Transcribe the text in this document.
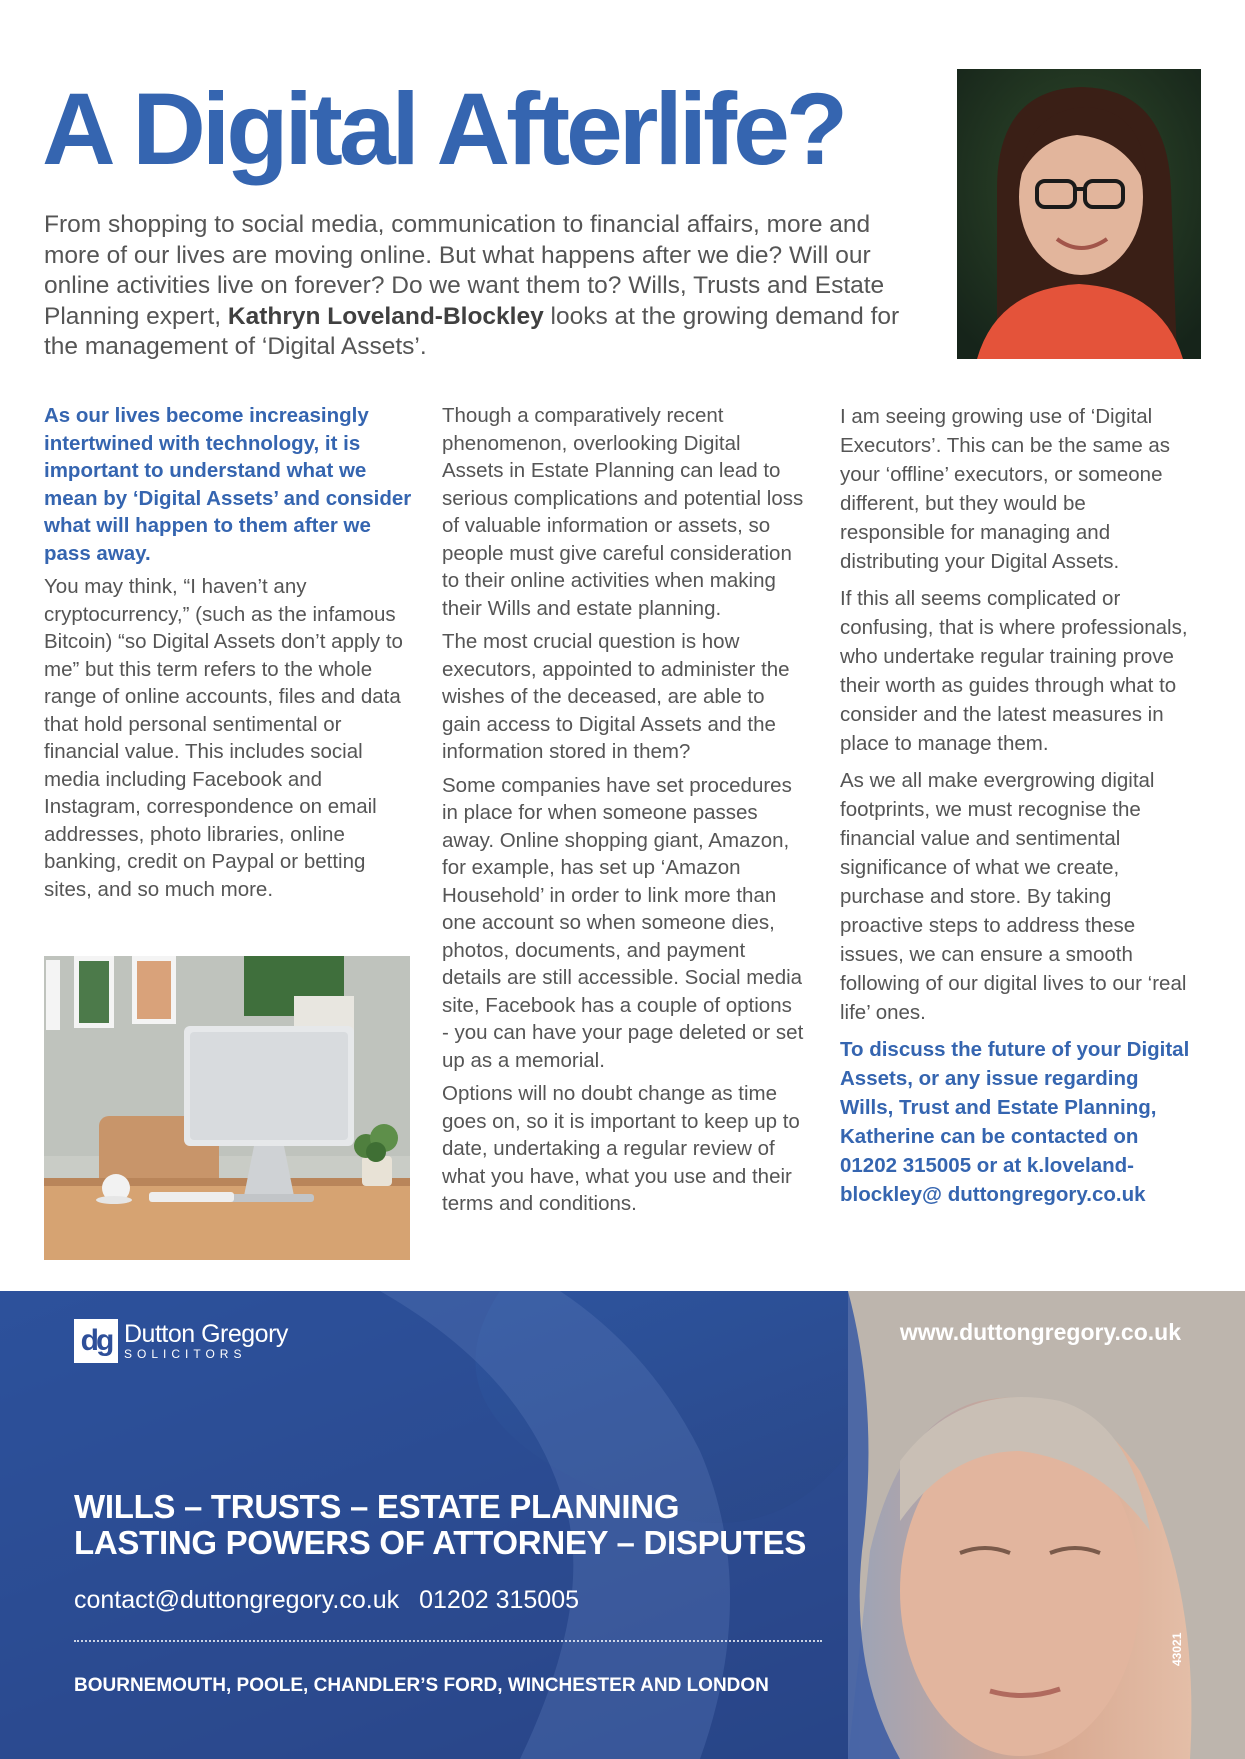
A Digital Afterlife?

From shopping to social media, communication to financial affairs, more and more of our lives are moving online. But what happens after we die? Will our online activities live on forever? Do we want them to? Wills, Trusts and Estate Planning expert, Kathryn Loveland-Blockley looks at the growing demand for the management of ‘Digital Assets’.

As our lives become increasingly intertwined with technology, it is important to understand what we mean by ‘Digital Assets’ and consider what will happen to them after we pass away.

You may think, “I haven’t any cryptocurrency,” (such as the infamous Bitcoin) “so Digital Assets don’t apply to me” but this term refers to the whole range of online accounts, files and data that hold personal sentimental or financial value. This includes social media including Facebook and Instagram, correspondence on email addresses, photo libraries, online banking, credit on Paypal or betting sites, and so much more.

Though a comparatively recent phenomenon, overlooking Digital Assets in Estate Planning can lead to serious complications and potential loss of valuable information or assets, so people must give careful consideration to their online activities when making their Wills and estate planning.

The most crucial question is how executors, appointed to administer the wishes of the deceased, are able to gain access to Digital Assets and the information stored in them?

Some companies have set procedures in place for when someone passes away. Online shopping giant, Amazon, for example, has set up ‘Amazon Household’ in order to link more than one account so when someone dies, photos, documents, and payment details are still accessible. Social media site, Facebook has a couple of options - you can have your page deleted or set up as a memorial.

Options will no doubt change as time goes on, so it is important to keep up to date, undertaking a regular review of what you have, what you use and their terms and conditions.

I am seeing growing use of ‘Digital Executors’. This can be the same as your ‘offline’ executors, or someone different, but they would be responsible for managing and distributing your Digital Assets.

If this all seems complicated or confusing, that is where professionals, who undertake regular training prove their worth as guides through what to consider and the latest measures in place to manage them.

As we all make evergrowing digital footprints, we must recognise the financial value and sentimental significance of what we create, purchase and store. By taking proactive steps to address these issues, we can ensure a smooth following of our digital lives to our ‘real life’ ones.

To discuss the future of your Digital Assets, or any issue regarding Wills, Trust and Estate Planning, Katherine can be contacted on 01202 315005 or at k.loveland-blockley@ duttongregory.co.uk

dg Dutton Gregory
SOLICITORS
www.duttongregory.co.uk
WILLS – TRUSTS – ESTATE PLANNING
LASTING POWERS OF ATTORNEY – DISPUTES
contact@duttongregory.co.uk 01202 315005
BOURNEMOUTH, POOLE, CHANDLER’S FORD, WINCHESTER AND LONDON
43021
